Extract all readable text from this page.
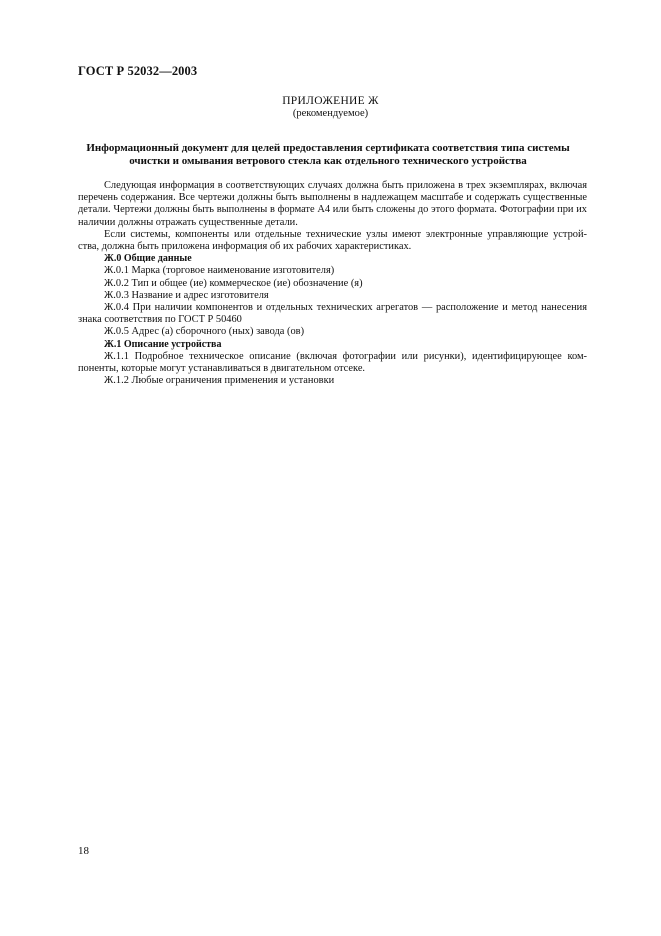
ГОСТ Р 52032—2003
ПРИЛОЖЕНИЕ Ж
(рекомендуемое)
Информационный документ для целей предоставления сертификата соответствия типа системы
очистки и омывания ветрового стекла как отдельного технического устройства

Следующая информация в соответствующих случаях должна быть приложена в трех экземплярах, включая перечень содержания. Все чертежи должны быть выполнены в надлежащем масштабе и содержать существенные детали. Чертежи должны быть выполнены в формате А4 или быть сложены до этого формата. Фотографии при их наличии должны отражать существенные детали.

Если системы, компоненты или отдельные технические узлы имеют электронные управляющие устрой-ства, должна быть приложена информация об их рабочих характеристиках.

Ж.0 Общие данные

Ж.0.1 Марка (торговое наименование изготовителя)

Ж.0.2 Тип и общее (ие) коммерческое (ие) обозначение (я)

Ж.0.3 Название и адрес изготовителя

Ж.0.4 При наличии компонентов и отдельных технических агрегатов — расположение и метод нанесения знака соответствия по ГОСТ Р 50460

Ж.0.5 Адрес (а) сборочного (ных) завода (ов)

Ж.1 Описание устройства

Ж.1.1 Подробное техническое описание (включая фотографии или рисунки), идентифицирующее ком-поненты, которые могут устанавливаться в двигательном отсеке.

Ж.1.2 Любые ограничения применения и установки

18
